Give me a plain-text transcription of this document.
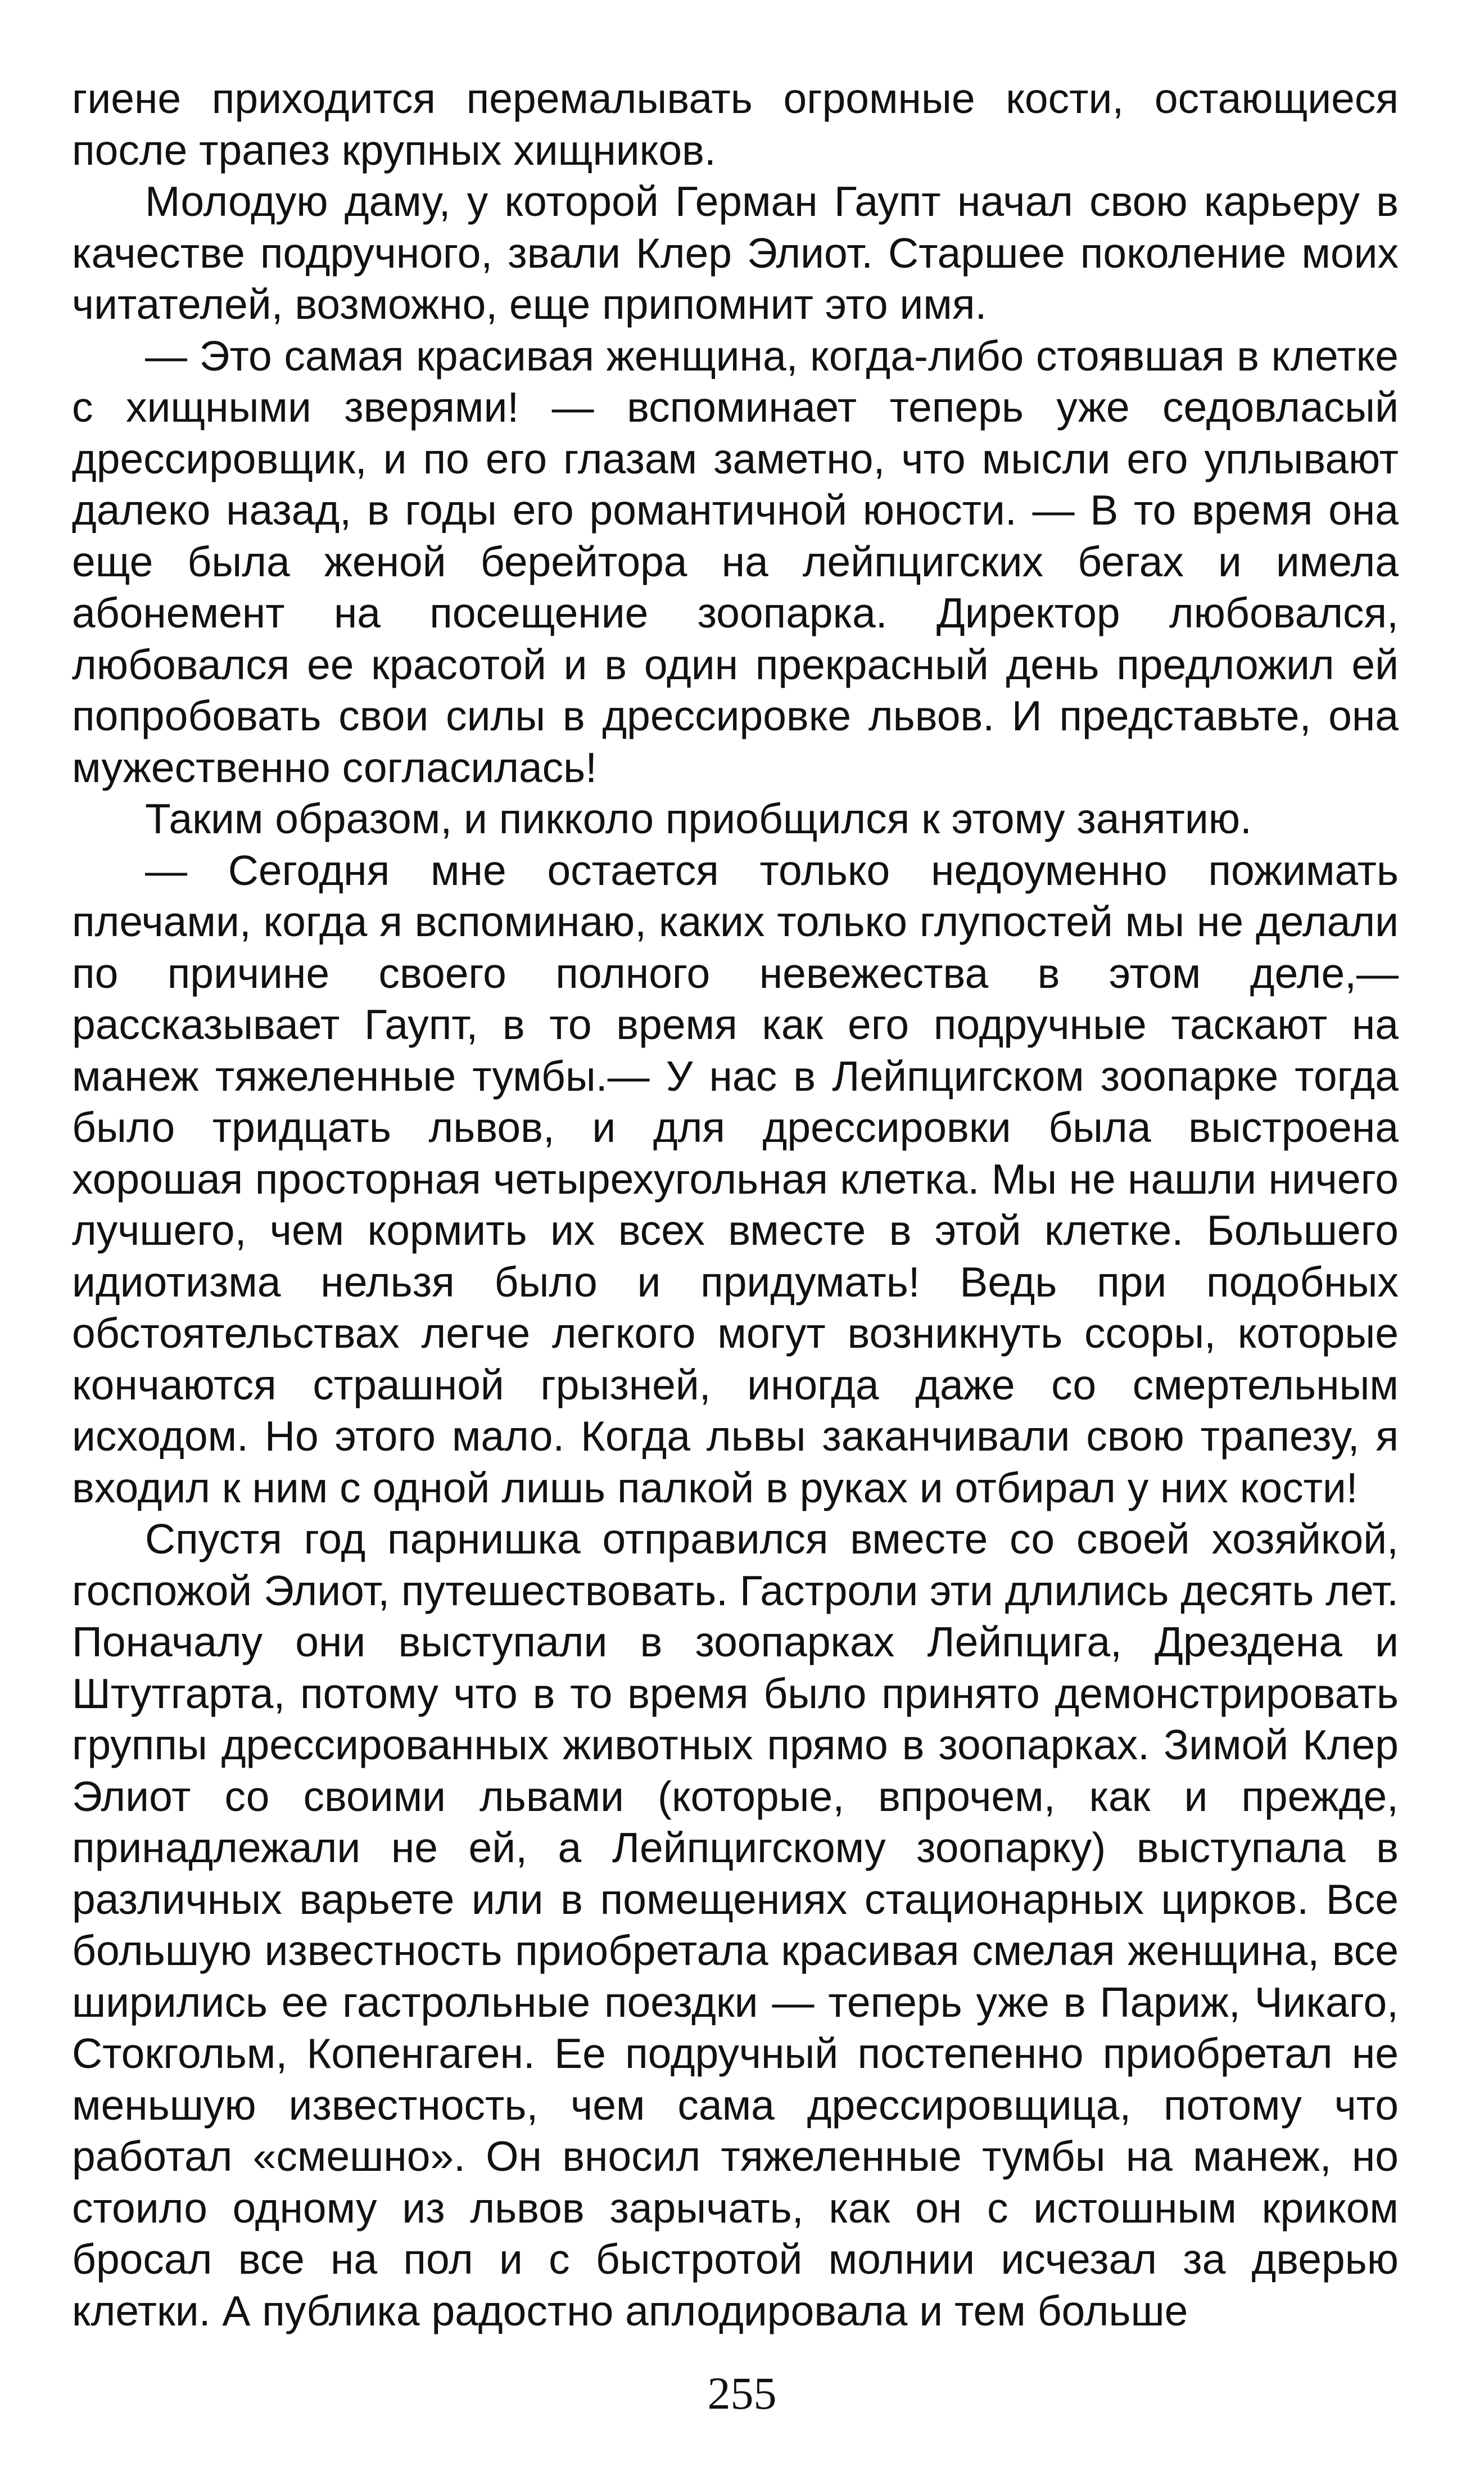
гиене приходится перемалывать огромные кости, остающиеся после трапез крупных хищников.

Молодую даму, у которой Герман Гаупт начал свою карьеру в качестве подручного, звали Клер Элиот. Старшее поколение моих читателей, возможно, еще припомнит это имя.

— Это самая красивая женщина, когда-либо стоявшая в клетке с хищными зверями! — вспоминает теперь уже седовласый дрессировщик, и по его глазам заметно, что мысли его уплывают далеко назад, в годы его романтичной юности. — В то время она еще была женой берейтора на лейпцигских бегах и имела абонемент на посещение зоопарка. Директор любовался, любовался ее красотой и в один прекрасный день предложил ей попробовать свои силы в дрессировке львов. И представьте, она мужественно согласилась!

Таким образом, и пикколо приобщился к этому занятию.

— Сегодня мне остается только недоуменно пожимать плечами, когда я вспоминаю, каких только глупостей мы не делали по причине своего полного невежества в этом деле,— рассказывает Гаупт, в то время как его подручные таскают на манеж тяжеленные тумбы.— У нас в Лейпцигском зоопарке тогда было тридцать львов, и для дрессировки была выстроена хорошая просторная четырехугольная клетка. Мы не нашли ничего лучшего, чем кормить их всех вместе в этой клетке. Большего идиотизма нельзя было и придумать! Ведь при подобных обстоятельствах легче легкого могут возникнуть ссоры, которые кончаются страшной грызней, иногда даже со смертельным исходом. Но этого мало. Когда львы заканчивали свою трапезу, я входил к ним с одной лишь палкой в руках и отбирал у них кости!

Спустя год парнишка отправился вместе со своей хозяйкой, госпожой Элиот, путешествовать. Гастроли эти длились десять лет. Поначалу они выступали в зоопарках Лейпцига, Дрездена и Штутгарта, потому что в то время было принято демонстрировать группы дрессированных животных прямо в зоопарках. Зимой Клер Элиот со своими львами (которые, впрочем, как и прежде, принадлежали не ей, а Лейпцигскому зоопарку) выступала в различных варьете или в помещениях стационарных цирков. Все большую известность приобретала красивая смелая женщина, все ширились ее гастрольные поездки — теперь уже в Париж, Чикаго, Стокгольм, Копенгаген. Ее подручный постепенно приобретал не меньшую известность, чем сама дрессировщица, потому что работал «смешно». Он вносил тяжеленные тумбы на манеж, но стоило одному из львов зарычать, как он с истошным криком бросал все на пол и с быстротой молнии исчезал за дверью клетки. А публика радостно аплодировала и тем больше

255
